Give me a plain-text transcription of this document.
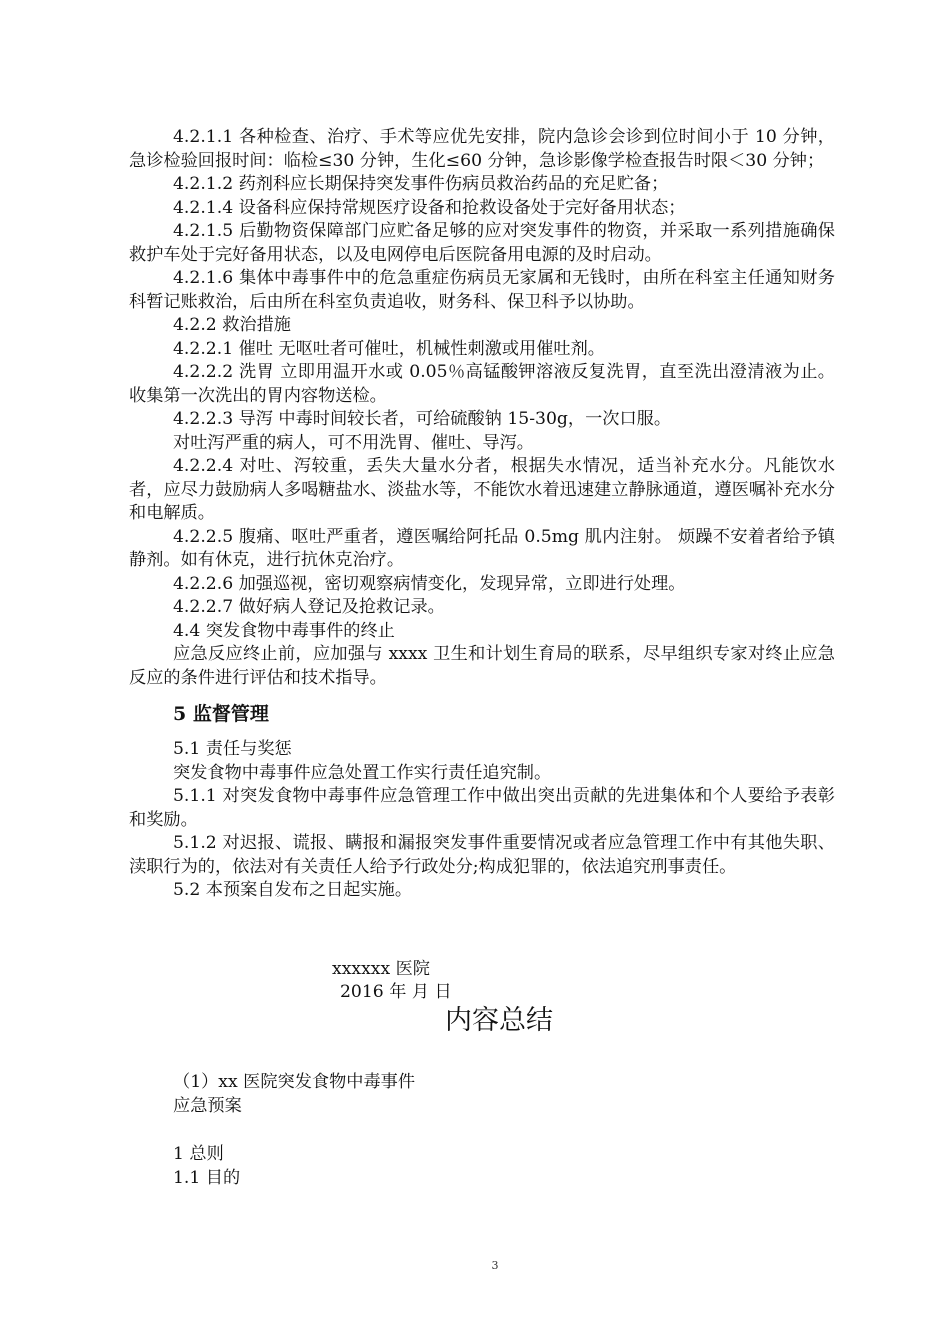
4.2.1.1 各种检查、治疗、手术等应优先安排，院内急诊会诊到位时间小于 10 分钟，急诊检验回报时间：临检≤30 分钟，生化≤60 分钟，急诊影像学检查报告时限＜30 分钟；

4.2.1.2 药剂科应长期保持突发事件伤病员救治药品的充足贮备；

4.2.1.4 设备科应保持常规医疗设备和抢救设备处于完好备用状态；

4.2.1.5 后勤物资保障部门应贮备足够的应对突发事件的物资，并采取一系列措施确保救护车处于完好备用状态，以及电网停电后医院备用电源的及时启动。

4.2.1.6 集体中毒事件中的危急重症伤病员无家属和无钱时，由所在科室主任通知财务科暂记账救治，后由所在科室负责追收，财务科、保卫科予以协助。

4.2.2 救治措施

4.2.2.1 催吐 无呕吐者可催吐，机械性刺激或用催吐剂。

4.2.2.2 洗胃 立即用温开水或 0.05％高锰酸钾溶液反复洗胃，直至洗出澄清液为止。收集第一次洗出的胃内容物送检。

4.2.2.3 导泻 中毒时间较长者，可给硫酸钠 15-30g，一次口服。

对吐泻严重的病人，可不用洗胃、催吐、导泻。

4.2.2.4 对吐、泻较重，丢失大量水分者，根据失水情况，适当补充水分。凡能饮水者，应尽力鼓励病人多喝糖盐水、淡盐水等，不能饮水着迅速建立静脉通道，遵医嘱补充水分和电解质。

4.2.2.5 腹痛、呕吐严重者，遵医嘱给阿托品 0.5mg 肌内注射。 烦躁不安着者给予镇静剂。如有休克，进行抗休克治疗。

4.2.2.6 加强巡视，密切观察病情变化，发现异常，立即进行处理。

4.2.2.7 做好病人登记及抢救记录。

4.4 突发食物中毒事件的终止

应急反应终止前，应加强与 xxxx 卫生和计划生育局的联系，尽早组织专家对终止应急反应的条件进行评估和技术指导。

5 监督管理

5.1 责任与奖惩

突发食物中毒事件应急处置工作实行责任追究制。

5.1.1 对突发食物中毒事件应急管理工作中做出突出贡献的先进集体和个人要给予表彰和奖励。

5.1.2 对迟报、谎报、瞒报和漏报突发事件重要情况或者应急管理工作中有其他失职、渎职行为的，依法对有关责任人给予行政处分;构成犯罪的，依法追究刑事责任。

5.2 本预案自发布之日起实施。

xxxxxx 医院
2016 年 月 日
内容总结
（1）xx 医院突发食物中毒事件
应急预案
1 总则
1.1 目的
3
